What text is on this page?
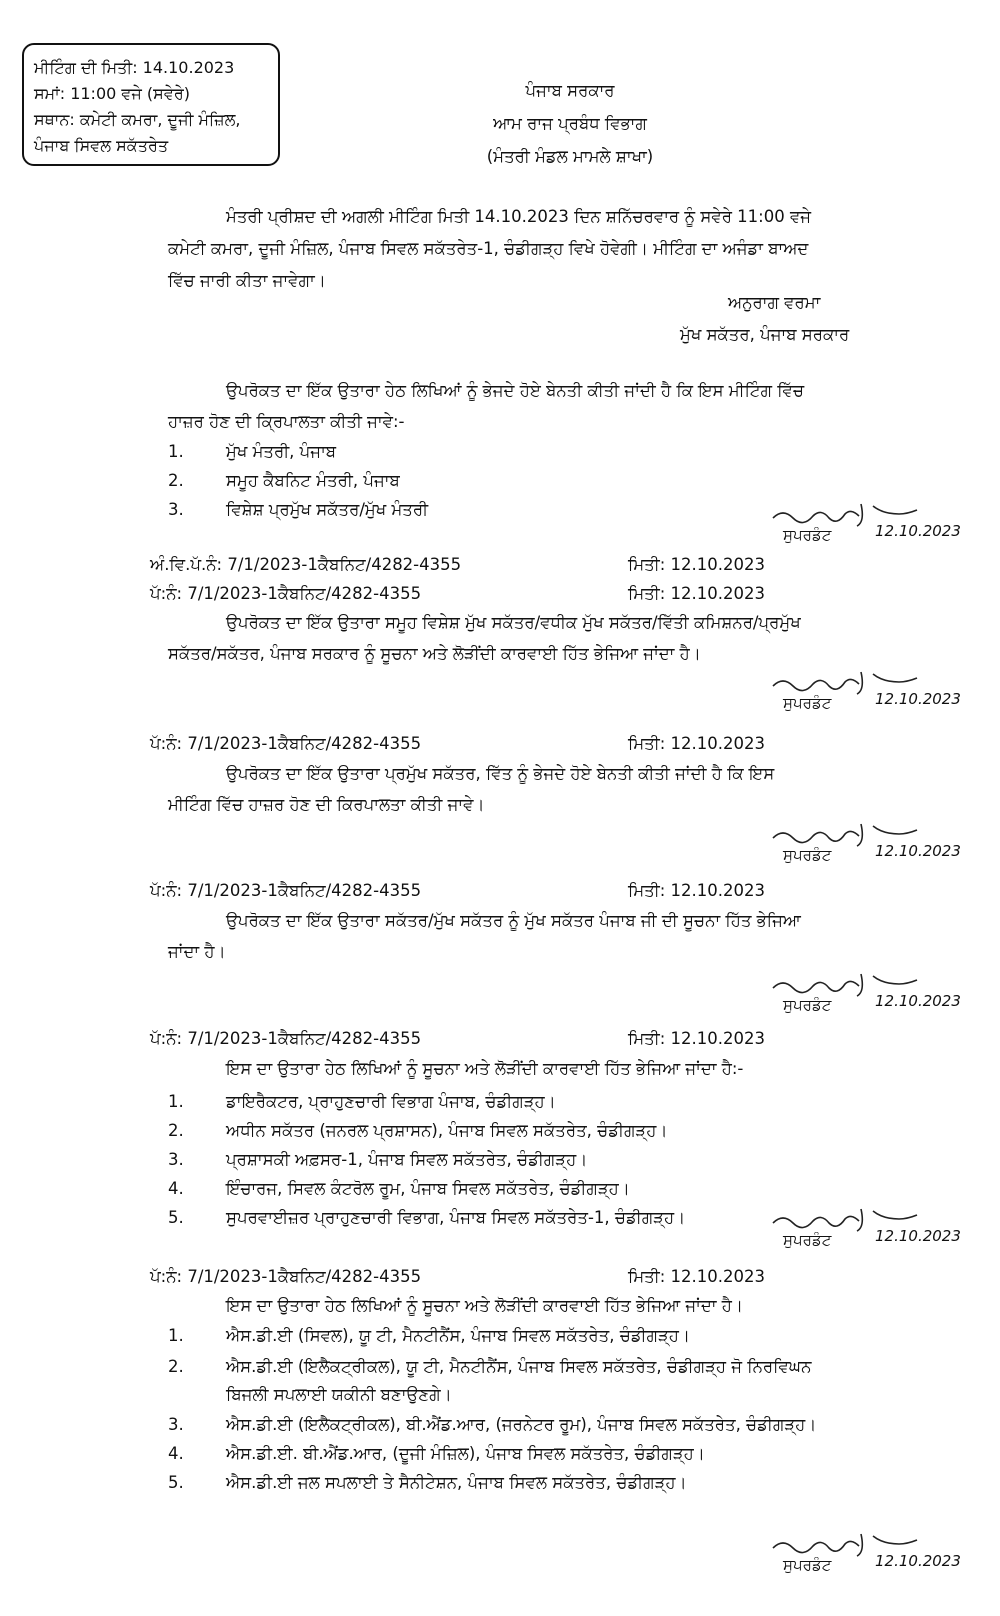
ਮੀਟਿੰਗ ਦੀ ਮਿਤੀ: 14.10.2023
ਸਮਾਂ: 11:00 ਵਜੇ (ਸਵੇਰੇ)
ਸਥਾਨ: ਕਮੇਟੀ ਕਮਰਾ, ਦੂਜੀ ਮੰਜ਼ਿਲ,
ਪੰਜਾਬ ਸਿਵਲ ਸਕੱਤਰੇਤ
ਪੰਜਾਬ ਸਰਕਾਰ
ਆਮ ਰਾਜ ਪ੍ਰਬੰਧ ਵਿਭਾਗ
(ਮੰਤਰੀ ਮੰਡਲ ਮਾਮਲੇ ਸ਼ਾਖਾ)
ਮੰਤਰੀ ਪ੍ਰੀਸ਼ਦ ਦੀ ਅਗਲੀ ਮੀਟਿੰਗ ਮਿਤੀ 14.10.2023 ਦਿਨ ਸ਼ਨਿੱਚਰਵਾਰ ਨੂੰ ਸਵੇਰੇ 11:00 ਵਜੇ
ਕਮੇਟੀ ਕਮਰਾ, ਦੂਜੀ ਮੰਜ਼ਿਲ, ਪੰਜਾਬ ਸਿਵਲ ਸਕੱਤਰੇਤ-1, ਚੰਡੀਗੜ੍ਹ ਵਿਖੇ ਹੋਵੇਗੀ। ਮੀਟਿੰਗ ਦਾ ਅਜੰਡਾ ਬਾਅਦ
ਵਿੱਚ ਜਾਰੀ ਕੀਤਾ ਜਾਵੇਗਾ।
ਅਨੁਰਾਗ ਵਰਮਾ
ਮੁੱਖ ਸਕੱਤਰ, ਪੰਜਾਬ ਸਰਕਾਰ
ਉਪਰੋਕਤ ਦਾ ਇੱਕ ਉਤਾਰਾ ਹੇਠ ਲਿਖਿਆਂ ਨੂੰ ਭੇਜਦੇ ਹੋਏ ਬੇਨਤੀ ਕੀਤੀ ਜਾਂਦੀ ਹੈ ਕਿ ਇਸ ਮੀਟਿੰਗ ਵਿੱਚ
ਹਾਜ਼ਰ ਹੋਣ ਦੀ ਕ੍ਰਿਪਾਲਤਾ ਕੀਤੀ ਜਾਵੇ:-
1.	ਮੁੱਖ ਮੰਤਰੀ, ਪੰਜਾਬ
2.	ਸਮੂਹ ਕੈਬਨਿਟ ਮੰਤਰੀ, ਪੰਜਾਬ
3.	ਵਿਸ਼ੇਸ਼ ਪ੍ਰਮੁੱਖ ਸਕੱਤਰ/ਮੁੱਖ ਮੰਤਰੀ
ਸੁਪਰਡੰਟ	12.10.2023
ਅੰ.ਵਿ.ਪੱ.ਨੰ: 7/1/2023-1ਕੈਬਨਿਟ/4282-4355	ਮਿਤੀ: 12.10.2023
ਪੱ:ਨੰ: 7/1/2023-1ਕੈਬਨਿਟ/4282-4355	ਮਿਤੀ: 12.10.2023
ਉਪਰੋਕਤ ਦਾ ਇੱਕ ਉਤਾਰਾ ਸਮੂਹ ਵਿਸ਼ੇਸ਼ ਮੁੱਖ ਸਕੱਤਰ/ਵਧੀਕ ਮੁੱਖ ਸਕੱਤਰ/ਵਿੱਤੀ ਕਮਿਸ਼ਨਰ/ਪ੍ਰਮੁੱਖ
ਸਕੱਤਰ/ਸਕੱਤਰ, ਪੰਜਾਬ ਸਰਕਾਰ ਨੂੰ ਸੂਚਨਾ ਅਤੇ ਲੋੜੀਂਦੀ ਕਾਰਵਾਈ ਹਿੱਤ ਭੇਜਿਆ ਜਾਂਦਾ ਹੈ।
ਸੁਪਰਡੰਟ	12.10.2023
ਪੱ:ਨੰ: 7/1/2023-1ਕੈਬਨਿਟ/4282-4355	ਮਿਤੀ: 12.10.2023
ਉਪਰੋਕਤ ਦਾ ਇੱਕ ਉਤਾਰਾ ਪ੍ਰਮੁੱਖ ਸਕੱਤਰ, ਵਿੱਤ ਨੂੰ ਭੇਜਦੇ ਹੋਏ ਬੇਨਤੀ ਕੀਤੀ ਜਾਂਦੀ ਹੈ ਕਿ ਇਸ
ਮੀਟਿੰਗ ਵਿੱਚ ਹਾਜ਼ਰ ਹੋਣ ਦੀ ਕਿਰਪਾਲਤਾ ਕੀਤੀ ਜਾਵੇ।
ਸੁਪਰਡੰਟ	12.10.2023
ਪੱ:ਨੰ: 7/1/2023-1ਕੈਬਨਿਟ/4282-4355	ਮਿਤੀ: 12.10.2023
ਉਪਰੋਕਤ ਦਾ ਇੱਕ ਉਤਾਰਾ ਸਕੱਤਰ/ਮੁੱਖ ਸਕੱਤਰ ਨੂੰ ਮੁੱਖ ਸਕੱਤਰ ਪੰਜਾਬ ਜੀ ਦੀ ਸੂਚਨਾ ਹਿੱਤ ਭੇਜਿਆ
ਜਾਂਦਾ ਹੈ।
ਸੁਪਰਡੰਟ	12.10.2023
ਪੱ:ਨੰ: 7/1/2023-1ਕੈਬਨਿਟ/4282-4355	ਮਿਤੀ: 12.10.2023
ਇਸ ਦਾ ਉਤਾਰਾ ਹੇਠ ਲਿਖਿਆਂ ਨੂੰ ਸੂਚਨਾ ਅਤੇ ਲੋੜੀਂਦੀ ਕਾਰਵਾਈ ਹਿੱਤ ਭੇਜਿਆ ਜਾਂਦਾ ਹੈ:-
1.	ਡਾਇਰੈਕਟਰ, ਪ੍ਰਾਹੁਣਚਾਰੀ ਵਿਭਾਗ ਪੰਜਾਬ, ਚੰਡੀਗੜ੍ਹ।
2.	ਅਧੀਨ ਸਕੱਤਰ (ਜਨਰਲ ਪ੍ਰਸ਼ਾਸਨ), ਪੰਜਾਬ ਸਿਵਲ ਸਕੱਤਰੇਤ, ਚੰਡੀਗੜ੍ਹ।
3.	ਪ੍ਰਸ਼ਾਸਕੀ ਅਫ਼ਸਰ-1, ਪੰਜਾਬ ਸਿਵਲ ਸਕੱਤਰੇਤ, ਚੰਡੀਗੜ੍ਹ।
4.	ਇੰਚਾਰਜ, ਸਿਵਲ ਕੰਟਰੋਲ ਰੂਮ, ਪੰਜਾਬ ਸਿਵਲ ਸਕੱਤਰੇਤ, ਚੰਡੀਗੜ੍ਹ।
5.	ਸੁਪਰਵਾਈਜ਼ਰ ਪ੍ਰਾਹੁਣਚਾਰੀ ਵਿਭਾਗ, ਪੰਜਾਬ ਸਿਵਲ ਸਕੱਤਰੇਤ-1, ਚੰਡੀਗੜ੍ਹ।
ਸੁਪਰਡੰਟ	12.10.2023
ਪੱ:ਨੰ: 7/1/2023-1ਕੈਬਨਿਟ/4282-4355	ਮਿਤੀ: 12.10.2023
ਇਸ ਦਾ ਉਤਾਰਾ ਹੇਠ ਲਿਖਿਆਂ ਨੂੰ ਸੂਚਨਾ ਅਤੇ ਲੋੜੀਂਦੀ ਕਾਰਵਾਈ ਹਿੱਤ ਭੇਜਿਆ ਜਾਂਦਾ ਹੈ।
1.	ਐਸ.ਡੀ.ਈ (ਸਿਵਲ), ਯੂ ਟੀ, ਮੈਨਟੀਨੈਂਸ, ਪੰਜਾਬ ਸਿਵਲ ਸਕੱਤਰੇਤ, ਚੰਡੀਗੜ੍ਹ।
2.	ਐਸ.ਡੀ.ਈ (ਇਲੈਕਟ੍ਰੀਕਲ), ਯੂ ਟੀ, ਮੈਨਟੀਨੈਂਸ, ਪੰਜਾਬ ਸਿਵਲ ਸਕੱਤਰੇਤ, ਚੰਡੀਗੜ੍ਹ ਜੋ ਨਿਰਵਿਘਨ
ਬਿਜਲੀ ਸਪਲਾਈ ਯਕੀਨੀ ਬਣਾਉਣਗੇ।
3.	ਐਸ.ਡੀ.ਈ (ਇਲੈਕਟ੍ਰੀਕਲ), ਬੀ.ਐਂਡ.ਆਰ, (ਜਰਨੇਟਰ ਰੂਮ), ਪੰਜਾਬ ਸਿਵਲ ਸਕੱਤਰੇਤ, ਚੰਡੀਗੜ੍ਹ।
4.	ਐਸ.ਡੀ.ਈ. ਬੀ.ਐਂਡ.ਆਰ, (ਦੂਜੀ ਮੰਜ਼ਿਲ), ਪੰਜਾਬ ਸਿਵਲ ਸਕੱਤਰੇਤ, ਚੰਡੀਗੜ੍ਹ।
5.	ਐਸ.ਡੀ.ਈ ਜਲ ਸਪਲਾਈ ਤੇ ਸੈਨੀਟੇਸ਼ਨ, ਪੰਜਾਬ ਸਿਵਲ ਸਕੱਤਰੇਤ, ਚੰਡੀਗੜ੍ਹ।
ਸੁਪਰਡੰਟ	12.10.2023
